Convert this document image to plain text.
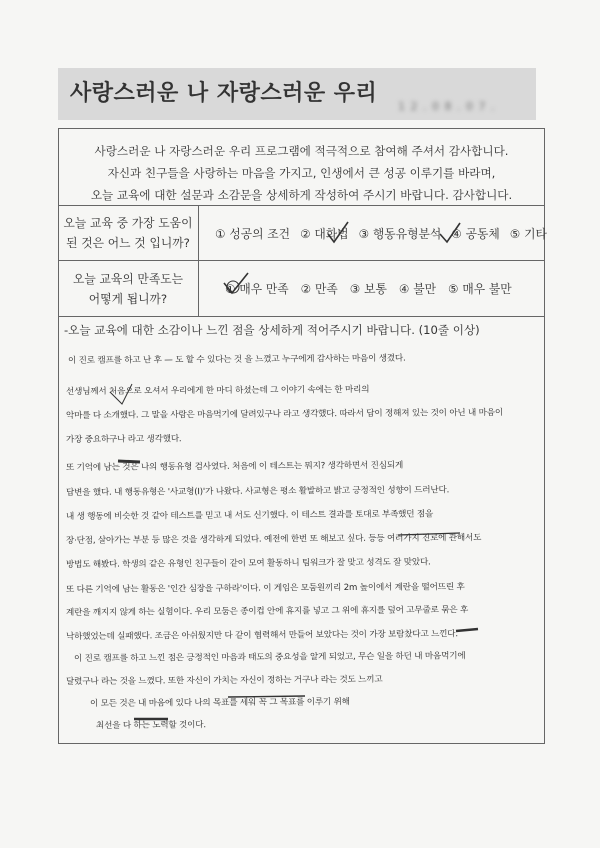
사랑스러운 나 자랑스러운 우리
1 2 . 0 8 . 0 7 .
사랑스러운 나 자랑스러운 우리 프로그램에 적극적으로 참여해 주셔서 감사합니다.
자신과 친구들을 사랑하는 마음을 가지고, 인생에서 큰 성공 이루기를 바라며,
오늘 교육에 대한 설문과 소감문을 상세하게 작성하여 주시기 바랍니다. 감사합니다.
오늘 교육 중 가장 도움이
된 것은 어느 것 입니까?
① 성공의 조건 ② 대화법 ③ 행동유형분석 ④ 공동체 ⑤ 기타
오늘 교육의 만족도는
어떻게 됩니까?
① 매우 만족 ② 만족 ③ 보통 ④ 불만 ⑤ 매우 불만
-오늘 교육에 대한 소감이나 느낀 점을 상세하게 적어주시기 바랍니다. (10줄 이상)
이 진로 캠프를 하고 난 후 — 도 할 수 있다는 것 을 느꼈고 누구에게 감사하는 마음이 생겼다.
선생님께서 처음으로 오셔서 우리에게 한 마디 하셨는데 그 이야기 속에는 한 마리의
악마를 다 소개했다. 그 말을 사람은 마음먹기에 달려있구나 라고 생각했다. 따라서 답이 정해져 있는 것이 아닌 내 마음이
가장 중요하구나 라고 생각했다.
또 기억에 남는 것은 나의 행동유형 검사였다. 처음에 이 테스트는 뭐지? 생각하면서 진심되게
답변을 했다. 내 행동유형은 '사교형(I)'가 나왔다. 사교형은 평소 활발하고 밝고 긍정적인 성향이 드러난다.
내 생 행동에 비슷한 것 같아 테스트를 믿고 내 서도 신기했다. 이 테스트 결과를 토대로 부족했던 점을
장·단점, 살아가는 부분 등 많은 것을 생각하게 되었다. 예전에 한번 또 해보고 싶다. 등등 여러가지 진로에 관해서도
방법도 해봤다. 학생의 같은 유형인 친구들이 같이 모여 활동하니 팀워크가 잘 맞고 성격도 잘 맞았다.
또 다른 기억에 남는 활동은 '인간 심장을 구하라'이다. 이 게임은 모둠원끼리 2m 높이에서 계란을 떨어뜨린 후
계란을 깨지지 않게 하는 실험이다. 우리 모둠은 종이컵 안에 휴지를 넣고 그 위에 휴지를 덮어 고무줄로 묶은 후
낙하했었는데 실패했다. 조금은 아쉬웠지만 다 같이 협력해서 만들어 보았다는 것이 가장 보람찼다고 느낀다.
이 진로 캠프를 하고 느낀 점은 긍정적인 마음과 태도의 중요성을 알게 되었고, 무슨 일을 하던 내 마음먹기에
달렸구나 라는 것을 느꼈다. 또한 자신이 가치는 자신이 정하는 거구나 라는 것도 느끼고
이 모든 것은 내 마음에 있다 나의 목표를 세워 꼭 그 목표를 이루기 위해
최선을 다 하는 노력할 것이다.
